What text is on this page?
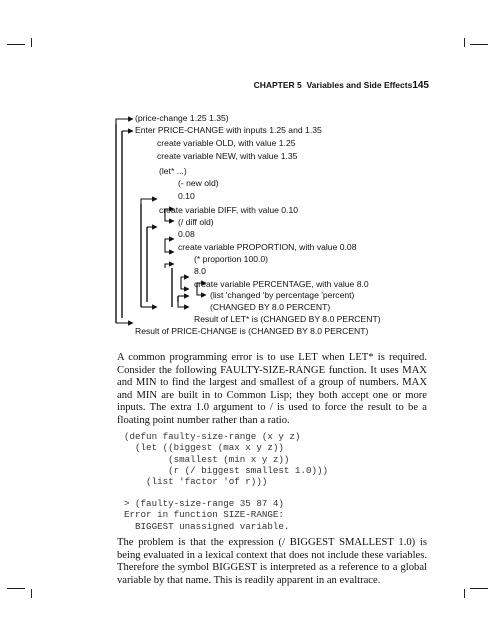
CHAPTER 5 Variables and Side Effects145
(price-change 1.25 1.35)
Enter PRICE-CHANGE with inputs 1.25 and 1.35
create variable OLD, with value 1.25
create variable NEW, with value 1.35
(let* ...)
(- new old)
0.10
create variable DIFF, with value 0.10
(/ diff old)
0.08
create variable PROPORTION, with value 0.08
(* proportion 100.0)
8.0
create variable PERCENTAGE, with value 8.0
(list 'changed 'by percentage 'percent)
(CHANGED BY 8.0 PERCENT)
Result of LET* is (CHANGED BY 8.0 PERCENT)
Result of PRICE-CHANGE is (CHANGED BY 8.0 PERCENT)

A common programming error is to use LET when LET* is required. Consider the following FAULTY-SIZE-RANGE function. It uses MAX and MIN to find the largest and smallest of a group of numbers. MAX and MIN are built in to Common Lisp; they both accept one or more inputs. The extra 1.0 argument to / is used to force the result to be a floating point number rather than a ratio.

(defun faulty-size-range (x y z)
(let ((biggest (max x y z))
(smallest (min x y z))
(r (/ biggest smallest 1.0)))
(list 'factor 'of r)))
> (faulty-size-range 35 87 4)
Error in function SIZE-RANGE:
BIGGEST unassigned variable.

The problem is that the expression (/ BIGGEST SMALLEST 1.0) is being evaluated in a lexical context that does not include these variables. Therefore the symbol BIGGEST is interpreted as a reference to a global variable by that name. This is readily apparent in an evaltrace.
